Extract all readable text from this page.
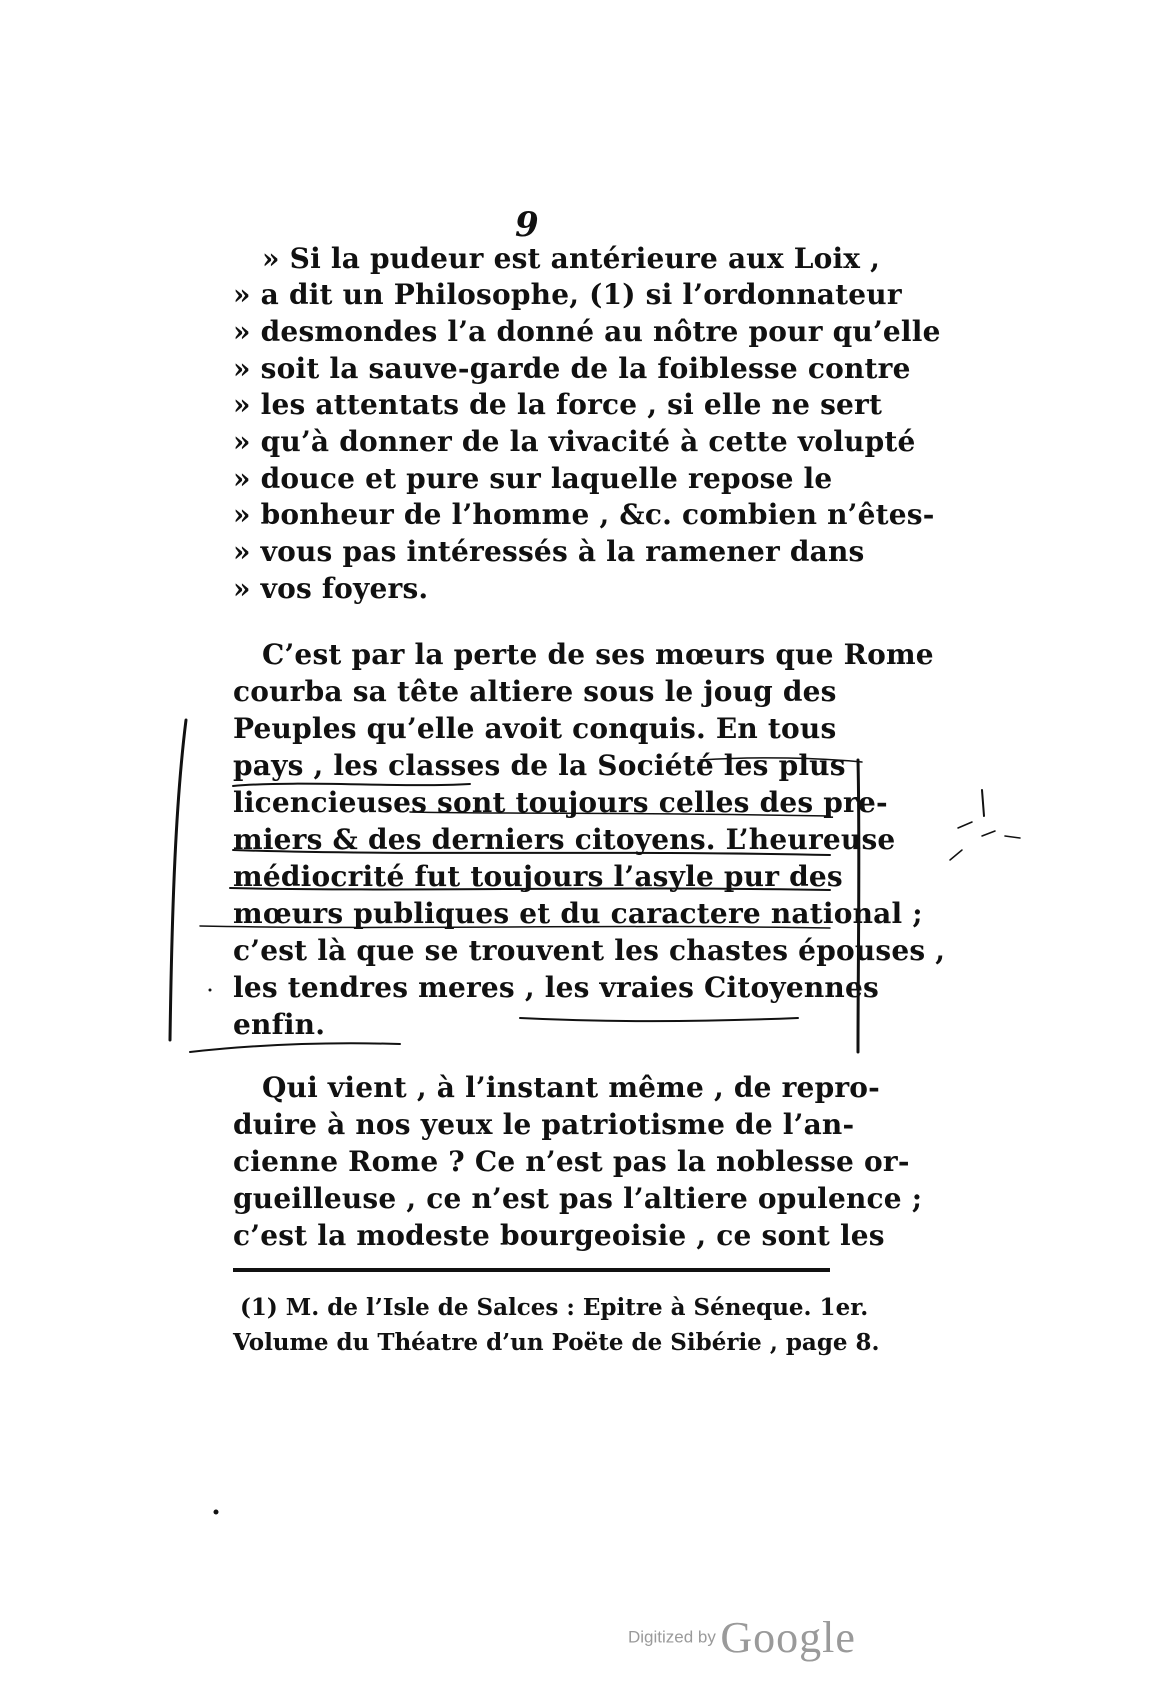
9
» Si la pudeur est antérieure aux Loix ,
» a dit un Philosophe, (1) si l’ordonnateur
» desmondes l’a donné au nôtre pour qu’elle
» soit la sauve-garde de la foiblesse contre
» les attentats de la force , si elle ne sert
» qu’à donner de la vivacité à cette volupté
» douce et pure sur laquelle repose le
» bonheur de l’homme , &c. combien n’êtes-
» vous pas intéressés à la ramener dans
» vos foyers.
C’est par la perte de ses mœurs que Rome
courba sa tête altiere sous le joug des
Peuples qu’elle avoit conquis. En tous
pays , les classes de la Société les plus
licencieuses sont toujours celles des pre-
miers & des derniers citoyens. L’heureuse
médiocrité fut toujours l’asyle pur des
mœurs publiques et du caractere national ;
c’est là que se trouvent les chastes épouses ,
les tendres meres , les vraies Citoyennes
enfin.
Qui vient , à l’instant même , de repro-
duire à nos yeux le patriotisme de l’an-
cienne Rome ? Ce n’est pas la noblesse or-
gueilleuse , ce n’est pas l’altiere opulence ;
c’est la modeste bourgeoisie , ce sont les
(1) M. de l’Isle de Salces : Epitre à Séneque. 1er.
Volume du Théatre d’un Poëte de Sibérie , page 8.
Digitized by Google
